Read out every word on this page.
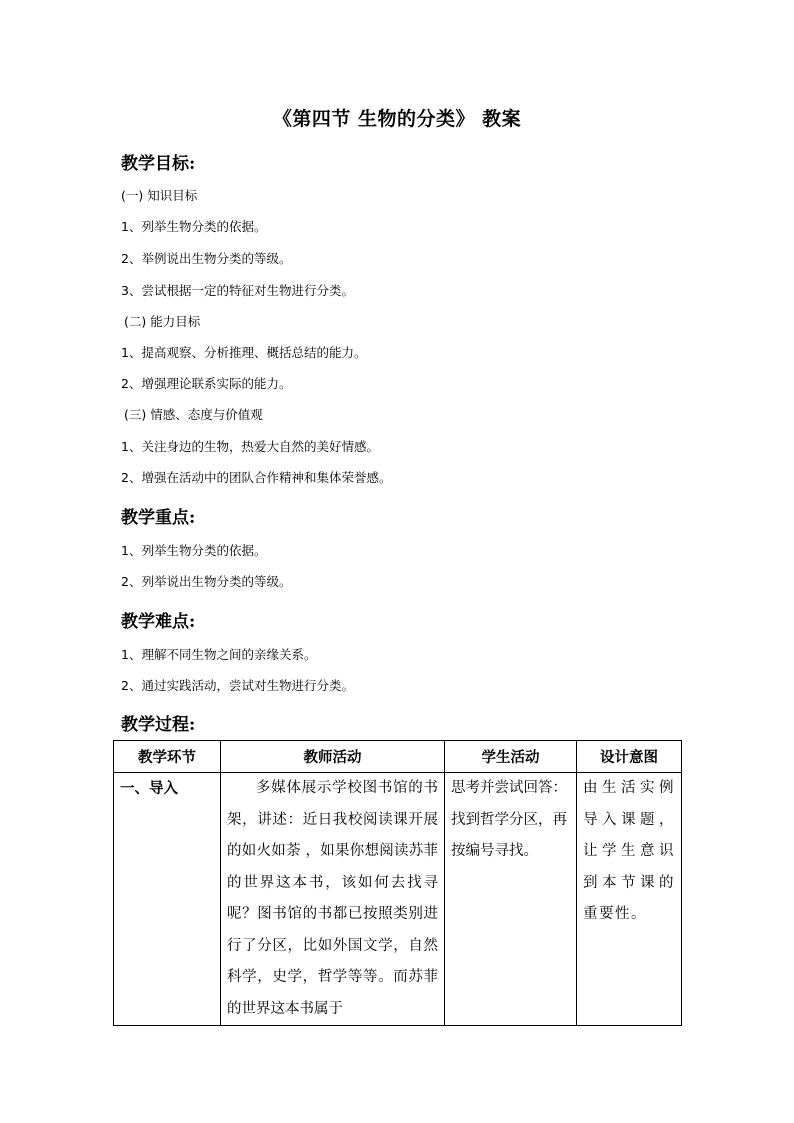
《第四节 生物的分类》 教案
教学目标:
(一) 知识目标
1、列举生物分类的依据。
2、举例说出生物分类的等级。
3、尝试根据一定的特征对生物进行分类。
(二) 能力目标
1、提高观察、分析推理、概括总结的能力。
2、增强理论联系实际的能力。
(三) 情感、态度与价值观
1、关注身边的生物，热爱大自然的美好情感。
2、增强在活动中的团队合作精神和集体荣誉感。
教学重点:
1、列举生物分类的依据。
2、列举说出生物分类的等级。
教学难点:
1、理解不同生物之间的亲缘关系。
2、通过实践活动，尝试对生物进行分类。
教学过程:
教学环节	教师活动	学生活动	设计意图
一、导入	多媒体展示学校图书馆的书架，讲述：近日我校阅读课开展的如火如荼 ，如果你想阅读苏菲的世界这本书，该如何去找寻呢？图书馆的书都已按照类别进行了分区，比如外国文学，自然科学，史学，哲学等等。而苏菲的世界这本书属于	思考并尝试回答：找到哲学分区，再按编号寻找。	由生活实例导入课题，让学生意识到本节课的重要性。
